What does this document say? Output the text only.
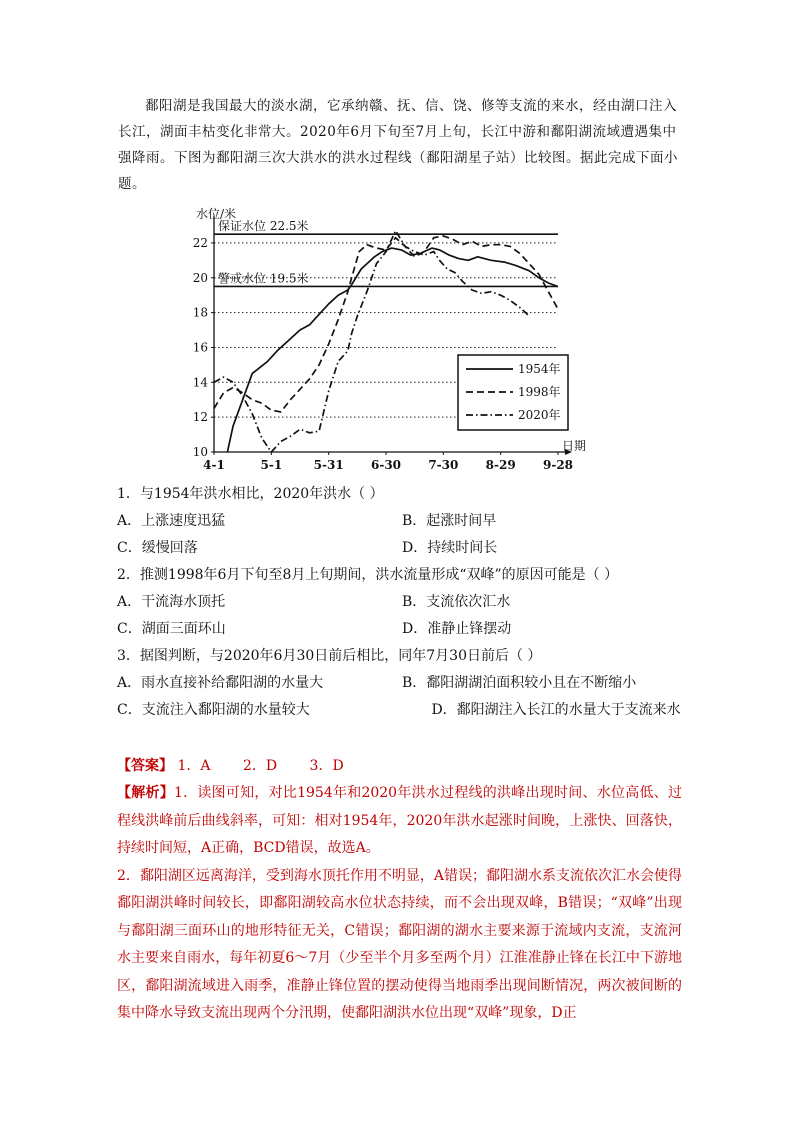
鄱阳湖是我国最大的淡水湖，它承纳赣、抚、信、饶、修等支流的来水，经由湖口注入长江，湖面丰枯变化非常大。2020年6月下旬至7月上旬，长江中游和鄱阳湖流域遭遇集中强降雨。下图为鄱阳湖三次大洪水的洪水过程线（鄱阳湖星子站）比较图。据此完成下面小题。

保证水位 22.5米
警戒水位 19.5米
10
12
14
16
18
20
22
水位/米
4-1	5-1	5-31 6-30 7-30 8-29 9-28
日期
1954年
1998年
2020年
1．与1954年洪水相比，2020年洪水（ ）
A．上涨速度迅猛	B．起涨时间早
C．缓慢回落	D．持续时间长
2．推测1998年6月下旬至8月上旬期间，洪水流量形成“双峰”的原因可能是（ ）
A．干流海水顶托	B．支流依次汇水
C．湖面三面环山	D．准静止锋摆动
3．据图判断，与2020年6月30日前后相比，同年7月30日前后（ ）
A．雨水直接补给鄱阳湖的水量大	B．鄱阳湖湖泊面积较小且在不断缩小
C．支流注入鄱阳湖的水量较大	D．鄱阳湖注入长江的水量大于支流来水
【答案】 1．A 2．D 3．D

【解析】1．读图可知，对比1954年和2020年洪水过程线的洪峰出现时间、水位高低、过程线洪峰前后曲线斜率，可知：相对1954年，2020年洪水起涨时间晚，上涨快、回落快，持续时间短，A正确，BCD错误，故选A。

2．鄱阳湖区远离海洋，受到海水顶托作用不明显，A错误；鄱阳湖水系支流依次汇水会使得鄱阳湖洪峰时间较长，即鄱阳湖较高水位状态持续，而不会出现双峰，B错误；“双峰”出现与鄱阳湖三面环山的地形特征无关，C错误；鄱阳湖的湖水主要来源于流域内支流，支流河水主要来自雨水，每年初夏6～7月（少至半个月多至两个月）江淮准静止锋在长江中下游地区，鄱阳湖流域进入雨季，准静止锋位置的摆动使得当地雨季出现间断情况，两次被间断的集中降水导致支流出现两个分汛期，使鄱阳湖洪水位出现“双峰”现象，D正
